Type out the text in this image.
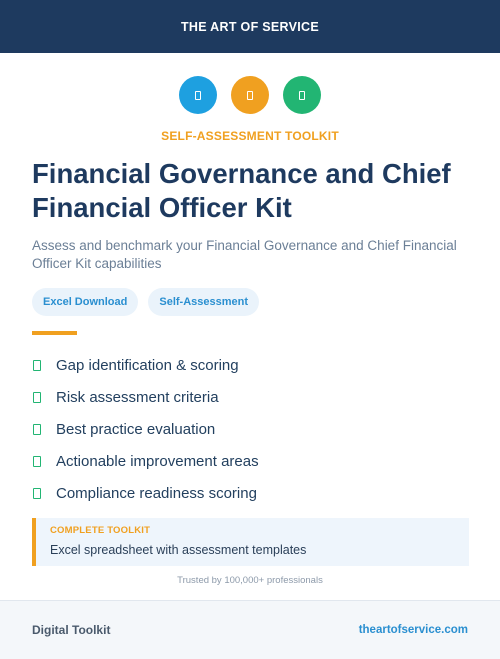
THE ART OF SERVICE
SELF-ASSESSMENT TOOLKIT
Financial Governance and Chief Financial Officer Kit

Assess and benchmark your Financial Governance and Chief Financial Officer Kit capabilities

Excel Download	Self-Assessment
Gap identification & scoring
Risk assessment criteria
Best practice evaluation
Actionable improvement areas
Compliance readiness scoring
COMPLETE TOOLKIT
Excel spreadsheet with assessment templates
Trusted by 100,000+ professionals
Digital Toolkit	theartofservice.com
